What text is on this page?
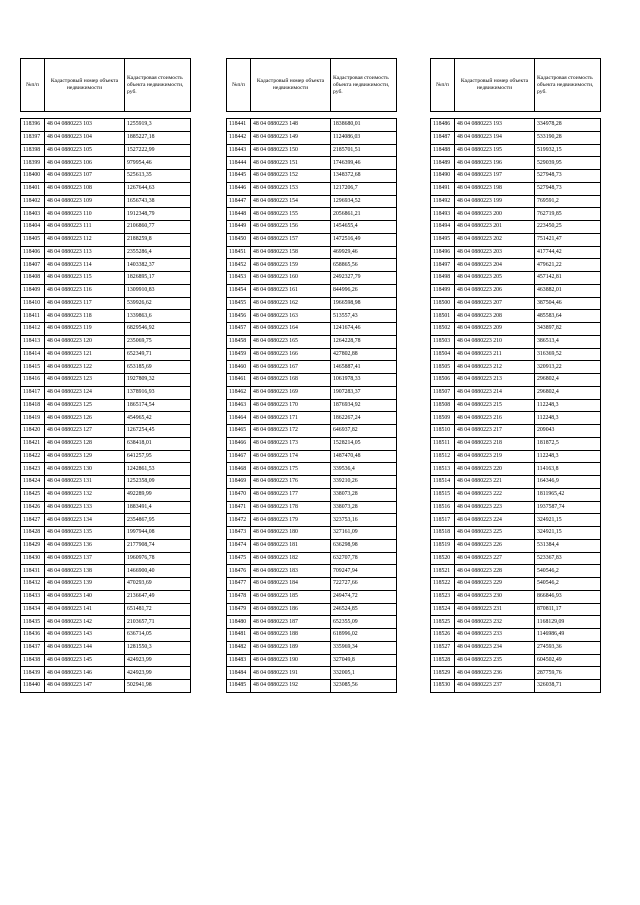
№п/п	Кадастровый номер объекта недвижимости	Кадастровая стоимость объекта недвижимости, руб.

118396	48 04 0880223 103	1255919,3
118397	48 04 0880223 104	1885227,18
118398	48 04 0880223 105	1527222,99
118399	48 04 0880223 106	979954,46
118400	48 04 0880223 107	525613,35
118401	48 04 0880223 108	1267644,63
118402	48 04 0880223 109	1656743,38
118403	48 04 0880223 110	1912348,79
118404	48 04 0880223 111	2106860,77
118405	48 04 0880223 112	2188259,8
118406	48 04 0880223 113	2355286,4
118407	48 04 0880223 114	1403382,37
118408	48 04 0880223 115	1826895,17
118409	48 04 0880223 116	1309910,83
118410	48 04 0880223 117	539926,62
118411	48 04 0880223 118	1339863,6
118412	48 04 0880223 119	6829546,92
118413	48 04 0880223 120	235069,75
118414	48 04 0880223 121	652349,71
118415	48 04 0880223 122	653185,69
118416	48 04 0880223 123	1927809,32
118417	48 04 0880223 124	1378916,93
118418	48 04 0880223 125	1865174,54
118419	48 04 0880223 126	454965,42
118420	48 04 0880223 127	1267254,45
118421	48 04 0880223 128	638418,01
118422	48 04 0880223 129	641257,95
118423	48 04 0880223 130	1242861,53
118424	48 04 0880223 131	1252358,09
118425	48 04 0880223 132	492289,99
118426	48 04 0880223 133	1883491,4
118427	48 04 0880223 134	2354867,95
118428	48 04 0880223 135	1997944,08
118429	48 04 0880223 136	2177908,74
118430	48 04 0880223 137	1960976,78
118431	48 04 0880223 138	1466900,40
118432	48 04 0880223 139	470293,69
118433	48 04 0880223 140	2136647,49
118434	48 04 0880223 141	651481,72
118435	48 04 0880223 142	2103657,71
118436	48 04 0880223 143	636714,05
118437	48 04 0880223 144	1281550,3
118438	48 04 0880223 145	424923,99
118439	48 04 0880223 146	424923,99
118440	48 04 0880223 147	502941,98
№п/п	Кадастровый номер объекта недвижимости	Кадастровая стоимость объекта недвижимости, руб.

118441	48 04 0880223 148	1838680,01
118442	48 04 0880223 149	1124086,03
118443	48 04 0880223 150	2185701,51
118444	48 04 0880223 151	1746399,46
118445	48 04 0880223 152	1348372,68
118446	48 04 0880223 153	1217206,7
118447	48 04 0880223 154	1296934,52
118448	48 04 0880223 155	2056861,21
118449	48 04 0880223 156	1454655,4
118450	48 04 0880223 157	1472516,49
118451	48 04 0880223 158	469929,46
118452	48 04 0880223 159	658865,56
118453	48 04 0880223 160	2492327,79
118454	48 04 0880223 161	844996,26
118455	48 04 0880223 162	1966598,98
118456	48 04 0880223 163	513557,43
118457	48 04 0880223 164	1241674,46
118458	48 04 0880223 165	1264228,78
118459	48 04 0880223 166	427802,88
118460	48 04 0880223 167	1465887,41
118461	48 04 0880223 168	1061978,33
118462	48 04 0880223 169	1907283,37
118463	48 04 0880223 170	1876934,92
118464	48 04 0880223 171	1862267,24
118465	48 04 0880223 172	646937,82
118466	48 04 0880223 173	1528214,05
118467	48 04 0880223 174	1487470,48
118468	48 04 0880223 175	339536,4
118469	48 04 0880223 176	339210,26
118470	48 04 0880223 177	338073,28
118471	48 04 0880223 178	338073,28
118472	48 04 0880223 179	323753,16
118473	48 04 0880223 180	327161,09
118474	48 04 0880223 181	636298,98
118475	48 04 0880223 182	632707,78
118476	48 04 0880223 183	709247,94
118477	48 04 0880223 184	722727,66
118478	48 04 0880223 185	249474,72
118479	48 04 0880223 186	246524,85
118480	48 04 0880223 187	652355,09
118481	48 04 0880223 188	618996,02
118482	48 04 0880223 189	335969,34
118483	48 04 0880223 190	327049,8
118484	48 04 0880223 191	332005,1
118485	48 04 0880223 192	323085,56
№п/п	Кадастровый номер объекта недвижимости	Кадастровая стоимость объекта недвижимости, руб.

118486	48 04 0880223 193	334978,28
118487	48 04 0880223 194	533190,28
118488	48 04 0880223 195	519932,15
118489	48 04 0880223 196	529039,95
118490	48 04 0880223 197	527948,73
118491	48 04 0880223 198	527948,73
118492	48 04 0880223 199	769591,2
118493	48 04 0880223 200	762719,85
118494	48 04 0880223 201	223450,25
118495	48 04 0880223 202	751421,47
118496	48 04 0880223 203	417744,42
118497	48 04 0880223 204	479621,22
118498	48 04 0880223 205	457142,81
118499	48 04 0880223 206	463882,01
118500	48 04 0880223 207	387504,46
118501	48 04 0880223 208	485583,64
118502	48 04 0880223 209	343897,82
118503	48 04 0880223 210	386513,4
118504	48 04 0880223 211	316369,52
118505	48 04 0880223 212	320913,22
118506	48 04 0880223 213	296802,4
118507	48 04 0880223 214	296802,4
118508	48 04 0880223 215	112248,3
118509	48 04 0880223 216	112248,3
118510	48 04 0880223 217	209043
118511	48 04 0880223 218	181872,5
118512	48 04 0880223 219	112248,3
118513	48 04 0880223 220	114163,8
118514	48 04 0880223 221	164346,9
118515	48 04 0880223 222	1811965,42
118516	48 04 0880223 223	1937587,74
118517	48 04 0880223 224	324921,15
118518	48 04 0880223 225	324921,15
118519	48 04 0880223 226	531384,4
118520	48 04 0880223 227	523367,83
118521	48 04 0880223 228	540546,2
118522	48 04 0880223 229	540546,2
118523	48 04 0880223 230	866846,93
118524	48 04 0880223 231	870811,17
118525	48 04 0880223 232	1168129,09
118526	48 04 0880223 233	1146986,49
118527	48 04 0880223 234	274593,36
118528	48 04 0880223 235	604502,49
118529	48 04 0880223 236	287759,76
118530	48 04 0880223 237	326038,71
